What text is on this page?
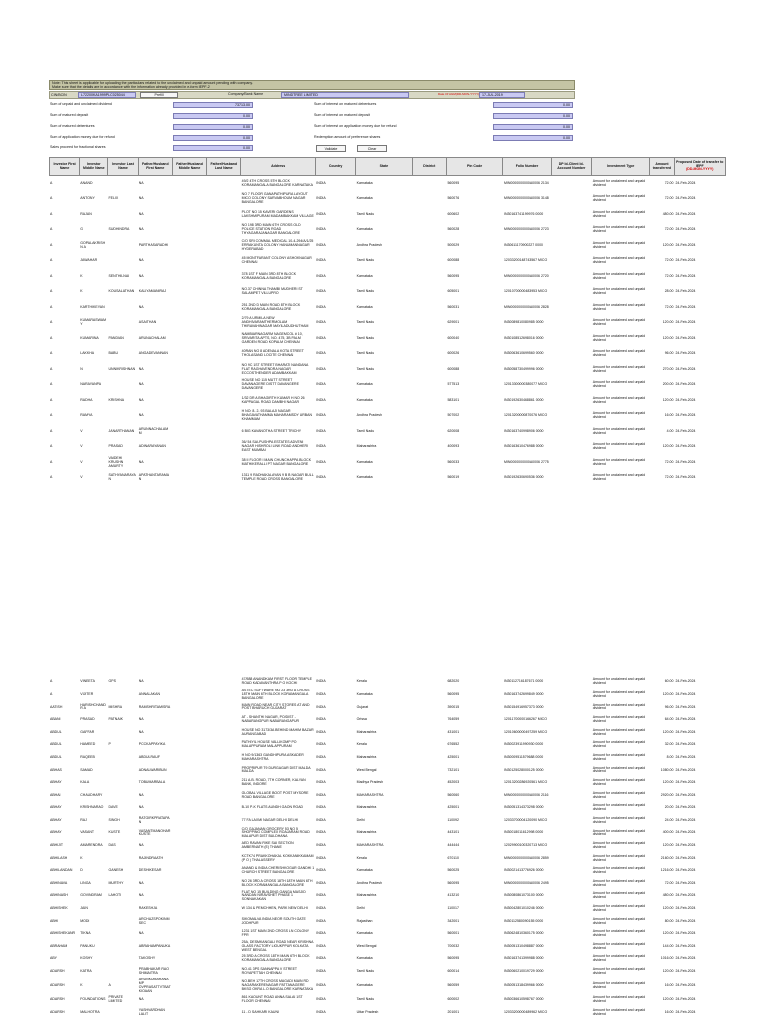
Note: This sheet is applicable for uploading the particulars related to the unclaimed and unpaid amount pending with company.
Make sure that the details are in accordance with the information already provided in e-form IEPF-2
CIN/BCIN	L72200KA1999PLC025044	Prefill	Company/Bank Name	MINDTREE LIMITED	Date Of AGM(DD-MON-YYYY) 17-JUL-2019
Sum of unpaid and unclaimed dividend	73713.00
Sum of matured deposit	0.00
Sum of matured debentures	0.00
Sum of application money due for refund	0.00
Sales proceed for fractional shares	0.00
Sum of interest on matured debentures	0.00
Sum of interest on matured deposit	0.00
Sum of interest on application money due for refund	0.00
Redemption amount of preference shares	0.00
Validate	Clear
Investor First Name	Investor Middle Name	Investor Last Name	Father/Husband First Name	Father/Husband Middle Name	Father/Husband Last Name	Address	Country	State	District	Pin Code	Folio Number	DP Id-Client Id-Account Number	Investment Type	Amount transferred	Proposed Date of transfer to IEPF
(DD-MON-YYYY)
A	ANAND		NA			49/2 4TH CROSS 5TH BLOCK KORAMANGALA BANGALORE KARNATAKA	INDIA	Karnataka		560095	MIN0000000000A0006 2134		Amount for unclaimed and unpaid dividend	72.00	24-Feb-2024
A	ANTONY	FELIX	NA			NO 7 FLOOR GANAPATHIPURA LAYOUT MICO COLONY SARVABHOUM NAGAR BANGALORE	INDIA	Karnataka		560076	MIN0000000000A0006 3148		Amount for unclaimed and unpaid dividend	72.00	24-Feb-2024
A	RAJAN		NA			PLOT NO 15 KAVERI GARDENS LAKSHMIPURAM MADAMBAKKAM VILLAGE	INDIA	Tamil Nadu		600602	IN30163741199976 0000		Amount for unclaimed and unpaid dividend	480.00	24-Feb-2024
A	G	SUDHINDRA	NA			NO 198 3RD MAIN 6TH CROSS OLD POLICE STATION ROAD THYAGARAJANAGAR BANGALORE	INDIA	Karnataka		560028	MIN0000000000A0006 2723		Amount for unclaimed and unpaid dividend	72.00	24-Feb-2024
A	GOPALAKRISHN A		PARTHASARADHI			C/O SRI COMMAL MEDICAL 10-4-294/A/1/25 ERRAKUNTA COLONY HANUMANNAGAR HYDERABAD	INDIA	Andhra Pradesh		500029	IN30611170900227 0000		Amount for unclaimed and unpaid dividend	120.00	24-Feb-2024
A	JAWAHAR		NA			45 MONTFARANT COLONY ASHOKNAGAR CHENNAI	INDIA	Tamil Nadu		600088	12033200148743567 MICO		Amount for unclaimed and unpaid dividend	72.00	24-Feb-2024
A	K	SENTHILNAI	NA			378 1ST F MAIN 3RD 8TH BLOCK KORAMANGALA BANGALORE	INDIA	Karnataka		560095	MIN0000000000A0006 2720		Amount for unclaimed and unpaid dividend	72.00	24-Feb-2024
A	K	KOUSALATHAN	KALIYAMANIRAJ			NO.37 CHINNA THAMBI MUDHERI ST SALAMPET VILLUPRO	INDIA	Tamil Nadu		605001	12010700000483953 MICO		Amount for unclaimed and unpaid dividend	28.00	24-Feb-2024
A	KARTHIKEYAN		NA			251 2ND D MAIN ROAD 8TH BLOCK KORAMANGALA BANGALORE	INDIA	Karnataka		560031	MIN0000000000A0006 2828		Amount for unclaimed and unpaid dividend	72.00	24-Feb-2024
A	KUMARASWAMY		ASAITHAN			2/79 A URMILA NEW ANDHIVARAMTHERMOLAM THIRAVAHINAGAR MAYILADUDHUTHAM	INDIA	Tamil Nadu		629001	IN30089810080985 0000		Amount for unclaimed and unpaid dividend	120.00	24-Feb-2024
A	KUMARINA	PANDIAN	ARUNACHALAM			NAMBIARNAGARM NAGEMCOL # 10, SRIVARITA APTS, NO. 475, 3B PALM GARDEN ROAD KOPALM CHENNAI	INDIA	Tamil Nadu		600040	IN30108512698016 0000		Amount for unclaimed and unpaid dividend	120.00	24-Feb-2024
A	LAKKHA	BABU	ANGADEVANNAN			40RAN NO 8 ADENALA KOTA STREET THOLASAND LOCITE CHENNAI	INDIA	Tamil Nadu		600026	IN30063610699560 0000		Amount for unclaimed and unpaid dividend	96.00	24-Feb-2024
A	N	UNNIKRISHNAN	NA			NO 9C 1ST STREET BHARATI NANDANA FLAT RAGHAVENDRA NAGAR ECCOSTHENDER ADAMBAKKAM	INDIA	Tamil Nadu		600088	IN30058730499996 0000		Amount for unclaimed and unpaid dividend	270.00	24-Feb-2024
A	NARAYANPA		NA			HOUSE NO 115 MUTT STREET DAVANAGERE DISTT DAVANGERE DAVANGERE	INDIA	Karnataka		577513	12013300000380077 MICO		Amount for unclaimed and unpaid dividend	200.00	24-Feb-2024
A	RADHA	KRISHNA	NA			1/32 DR A BHAGIRTH KUMAR H NO 26 KAPPAGAL ROAD DAMBHI NAGAR	INDIA	Karnataka		583101	IN30192630468861 0000		Amount for unclaimed and unpaid dividend	120.00	24-Feb-2024
A	RAMYA		NA			H NO: 8- 2- 93 BALAJI NAGAR BHAGAVATHAMMA MAHARAMSDY URBAN KHAMMAM	INDIA	Andhra Pradesh		507002	12013200000870076 MICO		Amount for unclaimed and unpaid dividend	16.00	24-Feb-2024
A	V	JANARTHANAN	ARUNNACHALAM M			6 BIG KAVANOTHA STREET TRICHY	INDIA	Tamil Nadu		620008	IN30163740998906 0000		Amount for unclaimed and unpaid dividend	4.00	24-Feb-2024
A	V	PRASAD	ADINARAYANAN			36/ 54 SAI-PUSHPA ESTATES ADVENI NAGAR HISHROLI LINK ROAD ANDHERI EAST MUMBAI	INDIA	Maharashtra		400093	IN30163610476988 0000		Amount for unclaimed and unpaid dividend	120.00	24-Feb-2024
A	V	VAIDEHI KRUSHN AMURTY	NA			38 II FLOOR I MAIN CHUNCHAPPA BLOCK MATHIKERALLI PT NAGAR BANGALORE	INDIA	Karnataka		560033	MIN0000000000A0006 2775		Amount for unclaimed and unpaid dividend	72.00	24-Feb-2024
A	V	SATHYANARAYA N	APATHANTARAMA N			1311 9 RADHAKALAYAN 9 B B NAGAR BULL TEMPLE ROAD CROSS BANGALORE	INDIA	Karnataka		560019	IN30192630690536 0000		Amount for unclaimed and unpaid dividend	72.00	24-Feb-2024
A	VINEETA	GPS	NA			47/588 ANANDKAM FIRST FLOOR TEMPLE ROAD KADAVANTHRA P O KOCHI	INDIA	Kerala		682020	IN30112716187671 0000		Amount for unclaimed and unpaid dividend	60.00	24-Feb-2024
A	VIJITER		ANNALAKAN			ASTEC SOFTWARE NO 23 3RD A CROSS 18TH MAIN 6TH BLOCK KORAMANGALA BANGALORE	INDIA	Karnataka		560095	IN30163742699849 0000		Amount for unclaimed and unpaid dividend	120.00	24-Feb-2024
AATISH	HARISHCHANDR A	MISHRA	RAMSHRITAMISRA			MAIN ROAD NEAR CITY STORES AT AND POST BHARUCH GUJARAT	INDIA	Gujarat		390015	IN30154916957373 0000		Amount for unclaimed and unpaid dividend	96.00	24-Feb-2024
ABANI	PRASAD	PATNAIK	NA			AT - SHANTHI NAGAR, PO/DIST - NABARANGPUR NABARANGAPUR	INDIA	Orissa		764059	12011700000166267 MICO		Amount for unclaimed and unpaid dividend	64.00	24-Feb-2024
ABDUL	GAFFAR		NA			HOUSE NO 3173/3A BEHIND MAHIM BAZAR AURANGABAD	INDIA	Maharashtra		431001	12010600000497259 MICO		Amount for unclaimed and unpaid dividend	120.00	24-Feb-2024
ABDUL	HAMEED	P	PCCKAPPAYIKA			PATHIYIL HOUSE VALLIKOMP PO MALAPPURAM MALAPPURAM	INDIA	Kerala		676552	IN30023911990930 0000		Amount for unclaimed and unpaid dividend	32.00	24-Feb-2024
ABDUL	RAQEEB		ABDULRAUF			H NO 9/1363 GANDHIPURA ASKADER MAHARASHTRA	INDIA	Maharashtra		425001	IN30009511579688 0000		Amount for unclaimed and unpaid dividend	8.00	24-Feb-2024
ABHAS	SAMAD		ADNALWARIBUN			PROPRIPUR T9 DURGAGAR DIST MALDA MALDA	INDIA	West Bengal		732101	IN30125028000125 0000		Amount for unclaimed and unpaid dividend	1080.00	24-Feb-2024
ABHAY	KALA		TOBUMARBALA			211 A.B. ROAD, 7TH CORNER, KALYAN BANK, INDORE	INDIA	Madhya Pradesh		452003	12013200286920561 MICO		Amount for unclaimed and unpaid dividend	120.00	24-Feb-2024
ABHAI	CHAUDHARY		NA			GLOBAL VILLAGE BOOT POST MYSORE ROAD BANGALORE	INDIA	MAHARASHTRA		560060	MIN0000000000A0006 2116		Amount for unclaimed and unpaid dividend	2920.00	24-Feb-2024
ABHAY	KRISHNARAO	DAVE	NA			B-10 P-K FLATS AUNDH GAON ROAD	INDIA	Maharashtra		425001	IN30051314373298 0000		Amount for unclaimed and unpaid dividend	20.00	24-Feb-2024
ABHAY	RAJ	SINGH	RATGIRKPRATAPA N			77 FA LAXMI NAGAR DELHI DELHI	INDIA	Delhi		110092	12033700004120090 MICO		Amount for unclaimed and unpaid dividend	24.00	24-Feb-2024
ABHAY	VASANT	KUSTE	VASANTMANOHAR KUSTE			C/O GAJANAN GROCERY 53 NO 5 SHOPPING COMPLEX ROAJARAM ROAD MALAPUR DIST BULDHANA	INDIA	Maharashtra		443101	IN30018011612998 0000		Amount for unclaimed and unpaid dividend	400.00	24-Feb-2024
ABHIJIT	AMARENDRA	DAS	NA			AED RAVAN RIKE SAI SECTION AMBERNATH (E) THANE	INDIA	MAHARASHTRA		444444	12029900100320713 MICO		Amount for unclaimed and unpaid dividend	120.00	24-Feb-2024
ABHILASH	K		RAJINDRAATH			KCTK74 PRAKKOHAKAL KOKKANIKKAMAM (P O ) THALASSERY	INDIA	Kerala		670110	MIN0000000000A0006 2859		Amount for unclaimed and unpaid dividend	2160.00	24-Feb-2024
ABHILANDAN	D	GANESH	DESHIKESAR			ANAND & INDIA CHERISHKOGAR GANDHI 1 CHURCH STREET BANGALORE	INDIA	Karnataka		560025	IN30021413776926 0000		Amount for unclaimed and unpaid dividend	1216.00	24-Feb-2024
ABHINAVA	LINGA	MURTHY	NA			NO 26 3RD A CROSS 18TH 18TH MAIN 6TH BLOCK KORAMANGALA BANGALORE	INDIA	Andhra Pradesh		560095	MIN0000000000A0006 2495		Amount for unclaimed and unpaid dividend	72.00	24-Feb-2024
ABHINASH	GOVINDRAM	LAHOTI	NA			FLAT NO 15 BUILDING GANGA MASJID NANDAN NIRAVSHET PHASE 1 SONNAKAKAN	INDIA	Maharashtra		413210	IN30080861073100 0000		Amount for unclaimed and unpaid dividend	480.00	24-Feb-2024
ABHISHEK	JAIN		RAKESHJA			W 134 & PEMCHHEN, PARK NEW DELHI	INDIA	Delhi		110017	IN30042801010246 0000		Amount for unclaimed and unpaid dividend	120.00	24-Feb-2024
ABHI	MODI		ARCHUZSPOKINM SEC			SIKOMALVA INDIA NEOR SOUTH GATE JODHPUR	INDIA	Rajasthan		342001	IN30112580090155 0000		Amount for unclaimed and unpaid dividend	80.00	24-Feb-2024
ABHISHEKANR	TIKNA		NA			1231 1ST MAIN 2ND CROSS LN COLONY FPR	INDIA	Karnataka		560001	IN30624810360175 0000		Amount for unclaimed and unpaid dividend	120.00	24-Feb-2024
ABRAHAM	PANUKU		ABRAHAMPANUKA			25A, DESMKANGALI ROAD NEAR KRISHNA GLASS FACTORY LIOUKPPUR KOLKATA WEST BENGAL	INDIA	West Bengal		700032	IN30051310498887 0000		Amount for unclaimed and unpaid dividend	144.00	24-Feb-2024
ABY	KOSHY		TAKOSHY			25 3RD A CROSS 18TH MAIN 6TH BLOCK KORAMANGALA BANGALORE	INDIA	Karnataka		560095	IN30163741399988 0000		Amount for unclaimed and unpaid dividend	1016.00	24-Feb-2024
ADARSH	KATRA		PRABHAKAR RAO SHIMAITRA			NO.41 3PS SANNAPPA V STREET ROYAPETTAH CHENNAI	INDIA	Tamil Nadu		600014	IN30060210019729 0000		Amount for unclaimed and unpaid dividend	120.00	24-Feb-2024
ADARSH	K	A	ARUNKUMARANAMP OVPRASATTVTBAT KIOAAN			NO.BEH 17TH CROSS MAGADI MAIN RD NAGARAKERENAGAR PATTANAGERE BKSG OKRA L.O BANGALORE KARNATAKA	INDIA	Karnataka		560059	IN30051318439966 0000		Amount for unclaimed and unpaid dividend	16.00	24-Feb-2024
ADARSH	FOUNDATIONS	PRIVATE LIMITED	NA			861 KAOUNT ROAD ANNA SALAI 1ST FLOOR CHENNAI	INDIA	Tamil Nadu		600002	IN30036610598767 0000		Amount for unclaimed and unpaid dividend	120.00	24-Feb-2024
ADARSH	MALHOTRA		YASHVARDHAN LALIT			11 - D SAHKARI KAUNI	INDIA	Uttar Pradesh		201001	12033200000489962 MICO		Amount for unclaimed and unpaid dividend	16.00	24-Feb-2024
